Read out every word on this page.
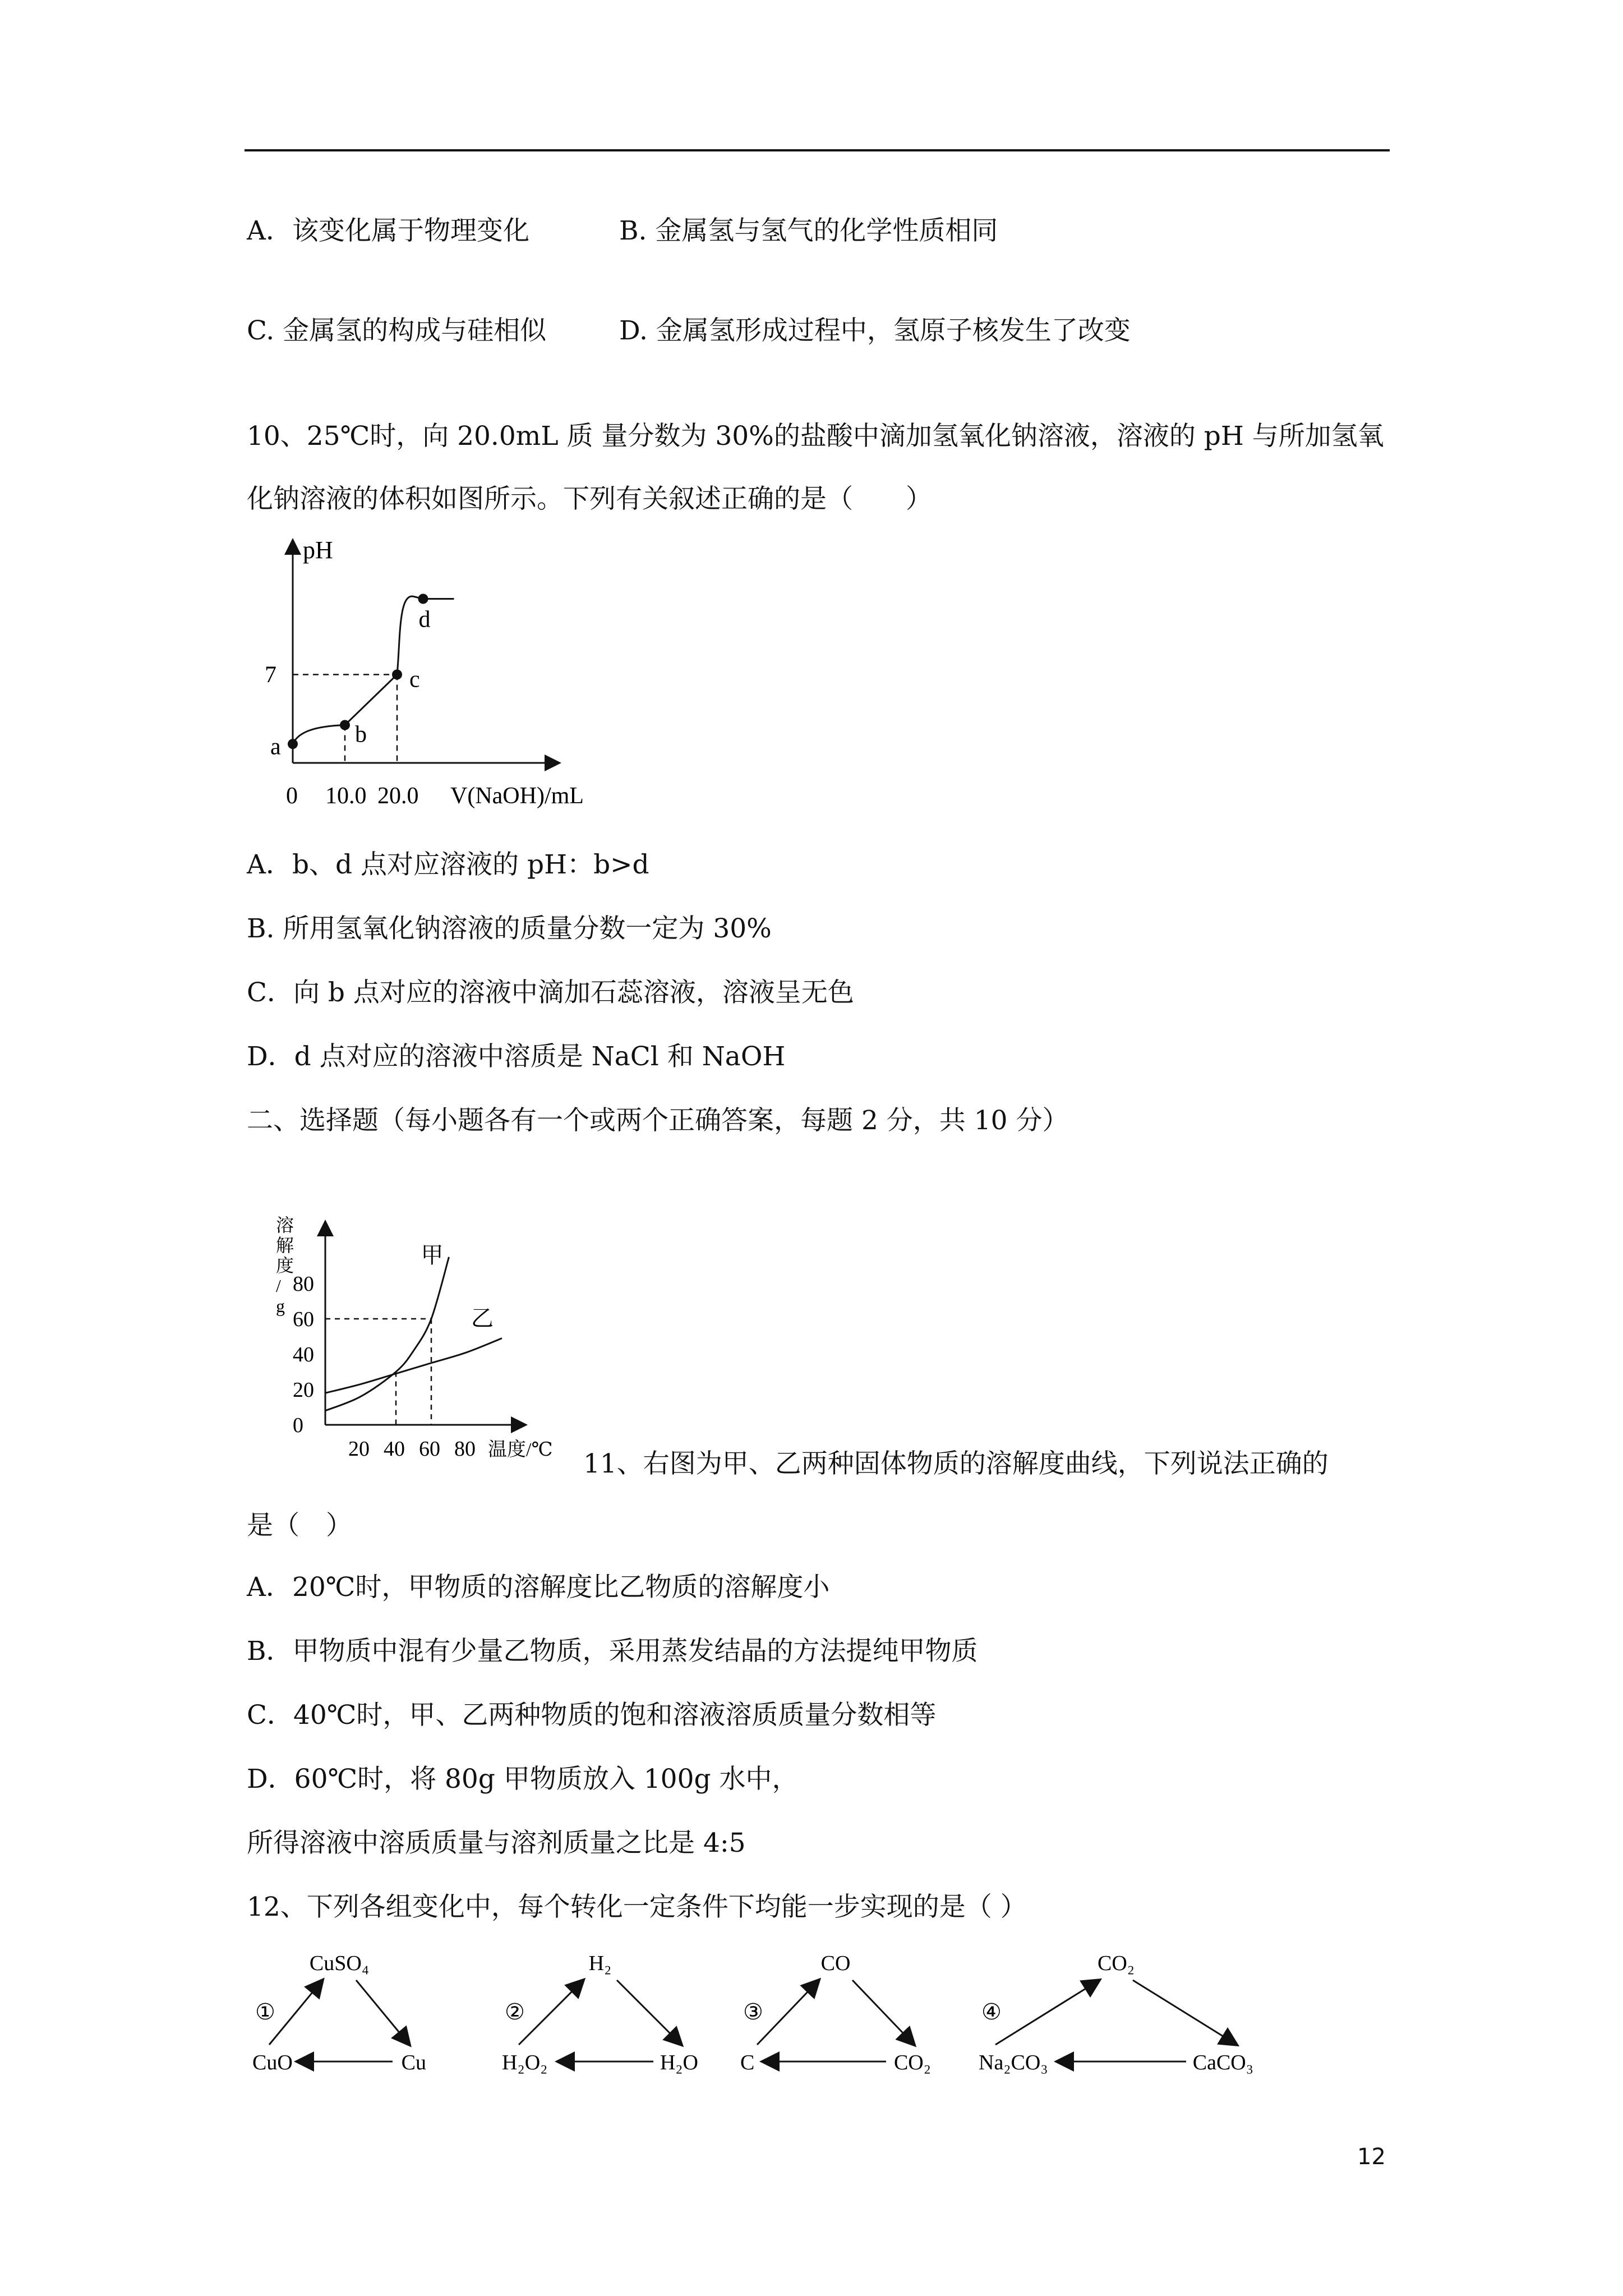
A．该变化属于物理变化	B. 金属氢与氢气的化学性质相同
C. 金属氢的构成与硅相似	D. 金属氢形成过程中，氢原子核发生了改变
10、25℃时，向 20.0mL 质 量分数为 30%的盐酸中滴加氢氧化钠溶液，溶液的 pH 与所加氢氧
化钠溶液的体积如图所示。下列有关叙述正确的是（　　）
a	b
c
d
pH
7
0 10.0 20.0 V(NaOH)/mL
A．b、d 点对应溶液的 pH：b>d
B. 所用氢氧化钠溶液的质量分数一定为 30%
C．向 b 点对应的溶液中滴加石蕊溶液，溶液呈无色
D．d 点对应的溶液中溶质是 NaCl 和 NaOH
二、选择题（每小题各有一个或两个正确答案，每题 2 分，共 10 分）
甲
乙
0
20
40
60
80
20 40 60 80 温度/℃
溶解度/ g
11、右图为甲、乙两种固体物质的溶解度曲线，下列说法正确的
是（　）
A．20℃时，甲物质的溶解度比乙物质的溶解度小
B．甲物质中混有少量乙物质，采用蒸发结晶的方法提纯甲物质
C．40℃时，甲、乙两种物质的饱和溶液溶质质量分数相等
D．60℃时，将 80g 甲物质放入 100g 水中，
所得溶液中溶质质量与溶剂质量之比是 4:5
12、下列各组变化中，每个转化一定条件下均能一步实现的是（ ）
①
CuSO₄
CuO	Cu
②
H₂
H₂O₂	H₂O
③
CO
C	CO₂
④
CO₂
Na₂CO₃	CaCO₃
12
